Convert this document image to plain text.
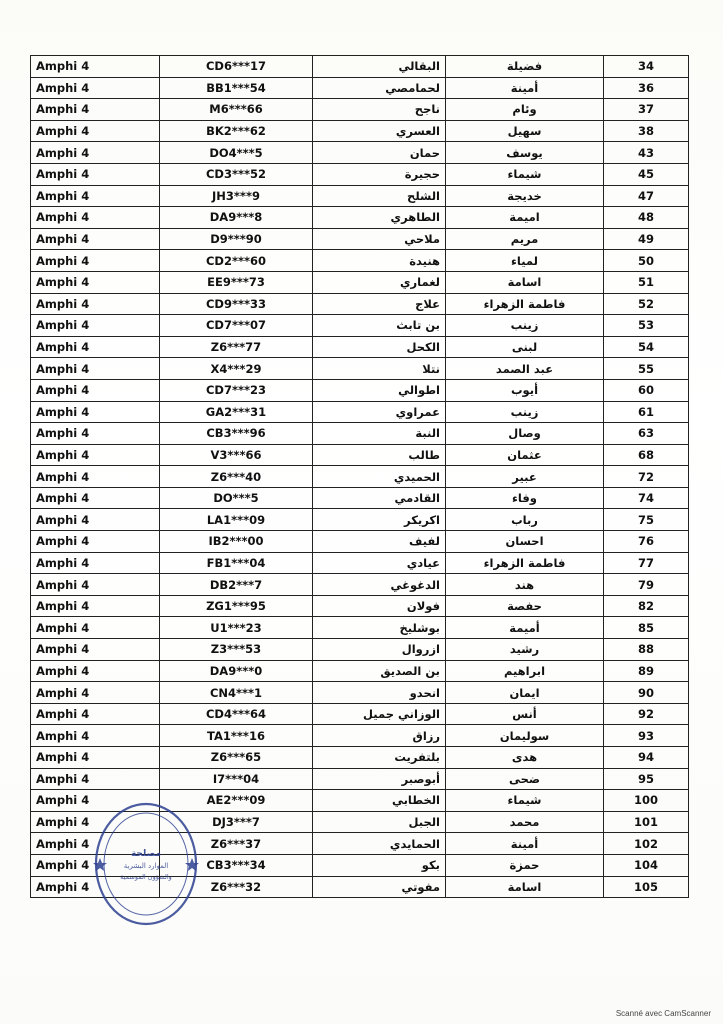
Amphi 4	CD6***17	البقالي	فضيلة	34
Amphi 4	BB1***54	لحمامصي	أمينة	36
Amphi 4	M6***66	ناجح	وئام	37
Amphi 4	BK2***62	العسري	سهيل	38
Amphi 4	DO4***5	حمان	يوسف	43
Amphi 4	CD3***52	حجيرة	شيماء	45
Amphi 4	JH3***9	الشلح	خديجة	47
Amphi 4	DA9***8	الطاهري	اميمة	48
Amphi 4	D9***90	ملاحي	مريم	49
Amphi 4	CD2***60	هنيدة	لمياء	50
Amphi 4	EE9***73	لغماري	اسامة	51
Amphi 4	CD9***33	علاج	فاطمة الزهراء	52
Amphi 4	CD7***07	بن تابث	زينب	53
Amphi 4	Z6***77	الكحل	لبنى	54
Amphi 4	X4***29	نتلا	عبد الصمد	55
Amphi 4	CD7***23	اطوالي	أيوب	60
Amphi 4	GA2***31	عمراوي	زينب	61
Amphi 4	CB3***96	النبة	وصال	63
Amphi 4	V3***66	طالب	عثمان	68
Amphi 4	Z6***40	الحميدي	عبير	72
Amphi 4	DO***5	القادمي	وفاء	74
Amphi 4	LA1***09	اكريكر	رباب	75
Amphi 4	IB2***00	لفيف	احسان	76
Amphi 4	FB1***04	عيادي	فاطمة الزهراء	77
Amphi 4	DB2***7	الدغوغي	هند	79
Amphi 4	ZG1***95	فولان	حفصة	82
Amphi 4	U1***23	بوشليخ	أميمة	85
Amphi 4	Z3***53	ازروال	رشيد	88
Amphi 4	DA9***0	بن الصديق	ابراهيم	89
Amphi 4	CN4***1	انحدو	ايمان	90
Amphi 4	CD4***64	الوزاني جميل	أنس	92
Amphi 4	TA1***16	رزاق	سوليمان	93
Amphi 4	Z6***65	بلتفريت	هدى	94
Amphi 4	I7***04	أبوصبر	ضحى	95
Amphi 4	AE2***09	الخطابي	شيماء	100
Amphi 4	DJ3***7	الجبل	محمد	101
Amphi 4	Z6***37	الحمايدي	أمينة	102
Amphi 4	CB3***34	بكو	حمزة	104
Amphi 4	Z6***32	مفوتي	اسامة	105
مصلحة
الموارد البشرية
والشؤون الموسمية
Scanné avec CamScanner
